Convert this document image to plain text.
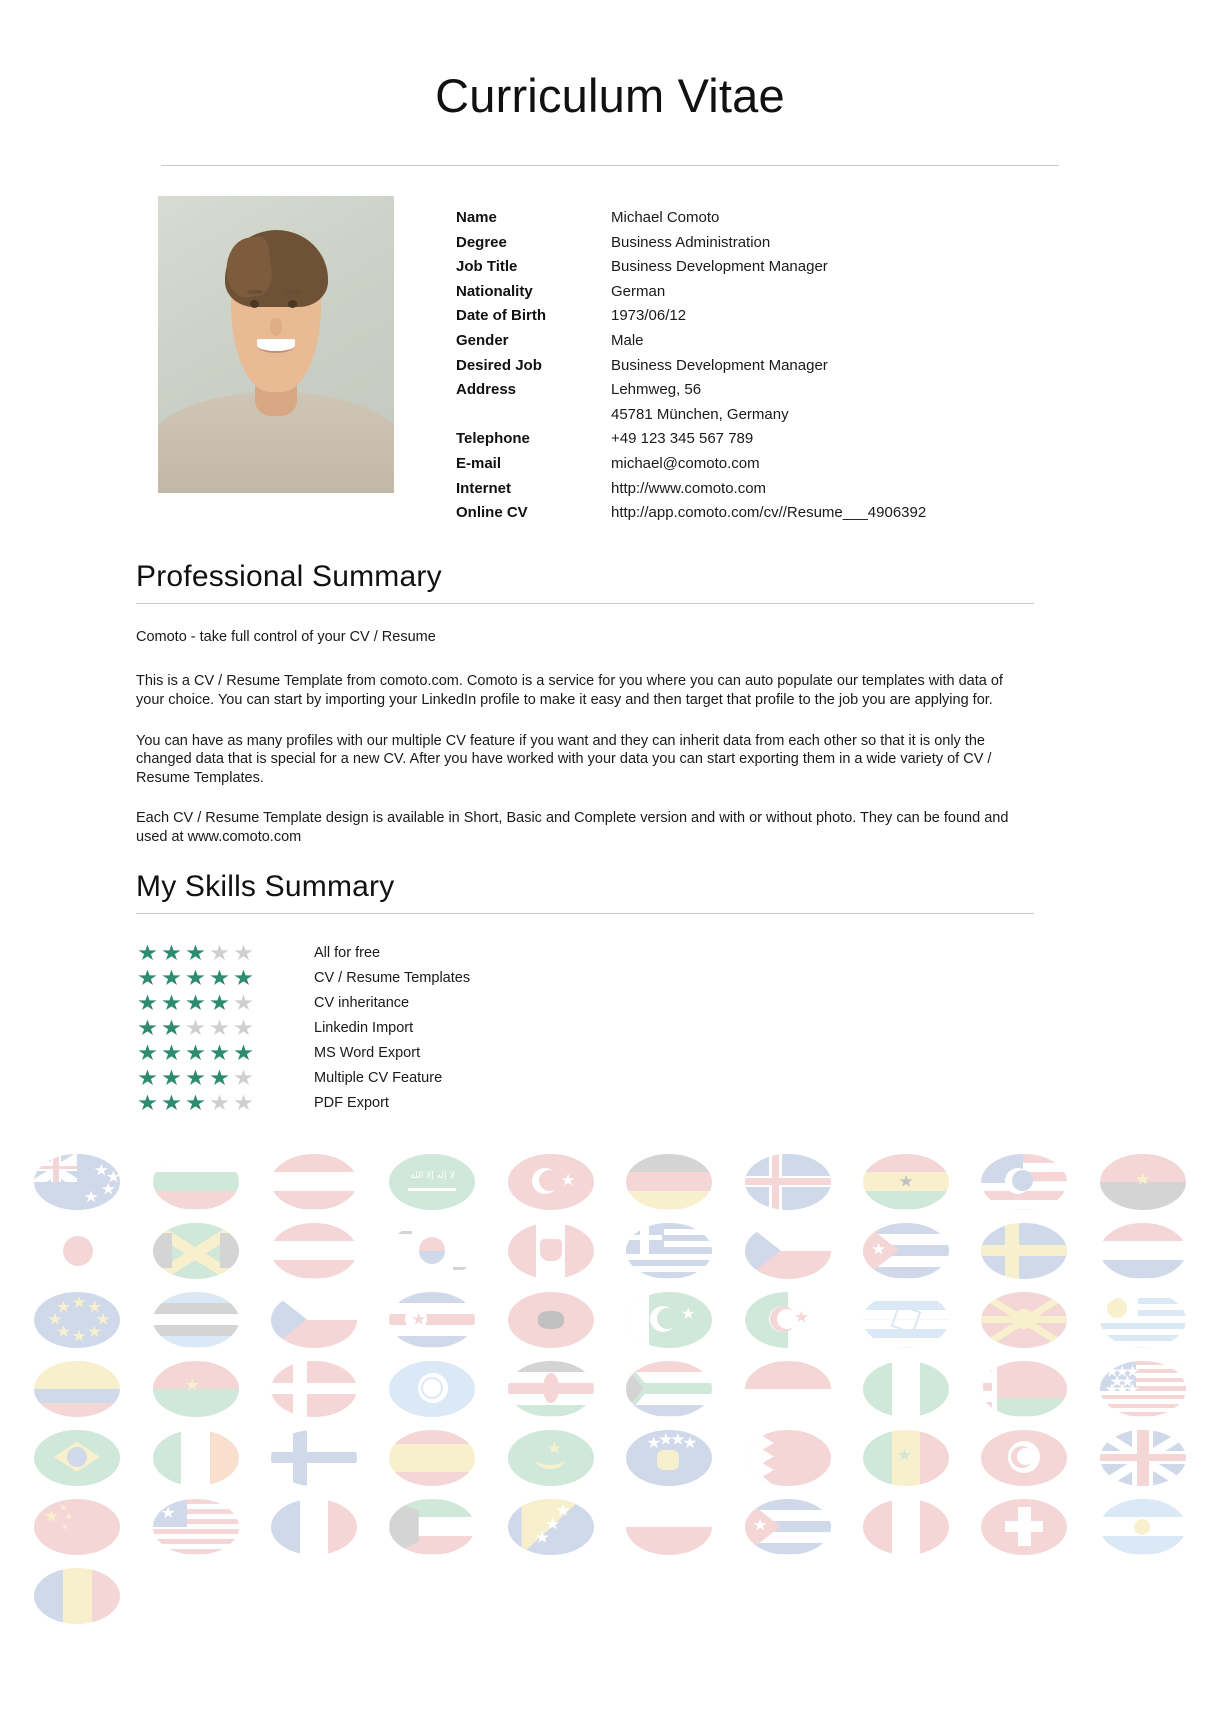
Curriculum Vitae
Name	Michael Comoto
Degree	Business Administration
Job Title	Business Development Manager
Nationality	German
Date of Birth	1973/06/12
Gender	Male
Desired Job	Business Development Manager
Address	Lehmweg, 56
45781 München, Germany
Telephone	+49 123 345 567 789
E-mail	michael@comoto.com
Internet	http://www.comoto.com
Online CV	http://app.comoto.com/cv//Resume___4906392
Professional Summary

Comoto - take full control of your CV / Resume

This is a CV / Resume Template from comoto.com. Comoto is a service for you where you can auto populate our templates with data of your choice. You can start by importing your LinkedIn profile to make it easy and then target that profile to the job you are applying for.

You can have as many profiles with our multiple CV feature if you want and they can inherit data from each other so that it is only the changed data that is special for a new CV. After you have worked with your data you can start exporting them in a wide variety of CV / Resume Templates.

Each CV / Resume Template design is available in Short, Basic and Complete version and with or without photo. They can be found and used at www.comoto.com

My Skills Summary
All for free
CV / Resume Templates
CV inheritance
Linkedin Import
MS Word Export
Multiple CV Feature
PDF Export
لا إله إلا الله
